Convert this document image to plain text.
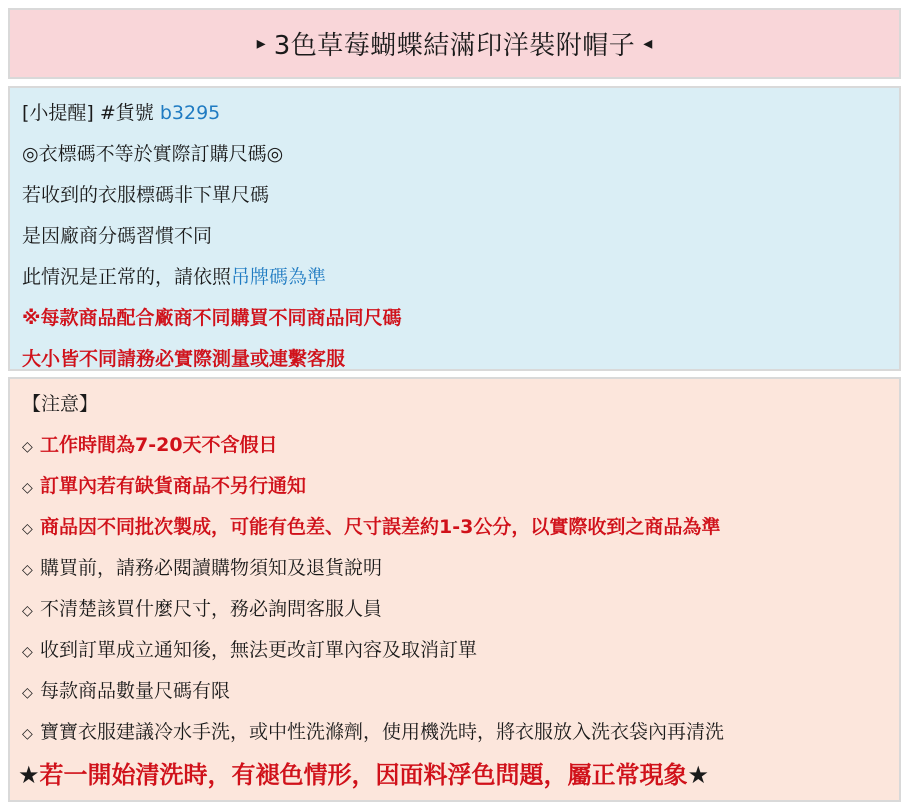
▸ 3色草莓蝴蝶結滿印洋裝附帽子 ◂
[小提醒] #貨號 b3295
◎衣標碼不等於實際訂購尺碼◎
若收到的衣服標碼非下單尺碼
是因廠商分碼習慣不同
此情況是正常的，請依照吊牌碼為準
※每款商品配合廠商不同購買不同商品同尺碼
大小皆不同請務必實際測量或連繫客服
【注意】
◇ 工作時間為7-20天不含假日
◇ 訂單內若有缺貨商品不另行通知
◇ 商品因不同批次製成，可能有色差、尺寸誤差約1-3公分，以實際收到之商品為準
◇ 購買前，請務必閱讀購物須知及退貨說明
◇ 不清楚該買什麼尺寸，務必詢問客服人員
◇ 收到訂單成立通知後，無法更改訂單內容及取消訂單
◇ 每款商品數量尺碼有限
◇ 寶寶衣服建議冷水手洗，或中性洗滌劑，使用機洗時，將衣服放入洗衣袋內再清洗
★若一開始清洗時，有褪色情形，因面料浮色問題，屬正常現象★
